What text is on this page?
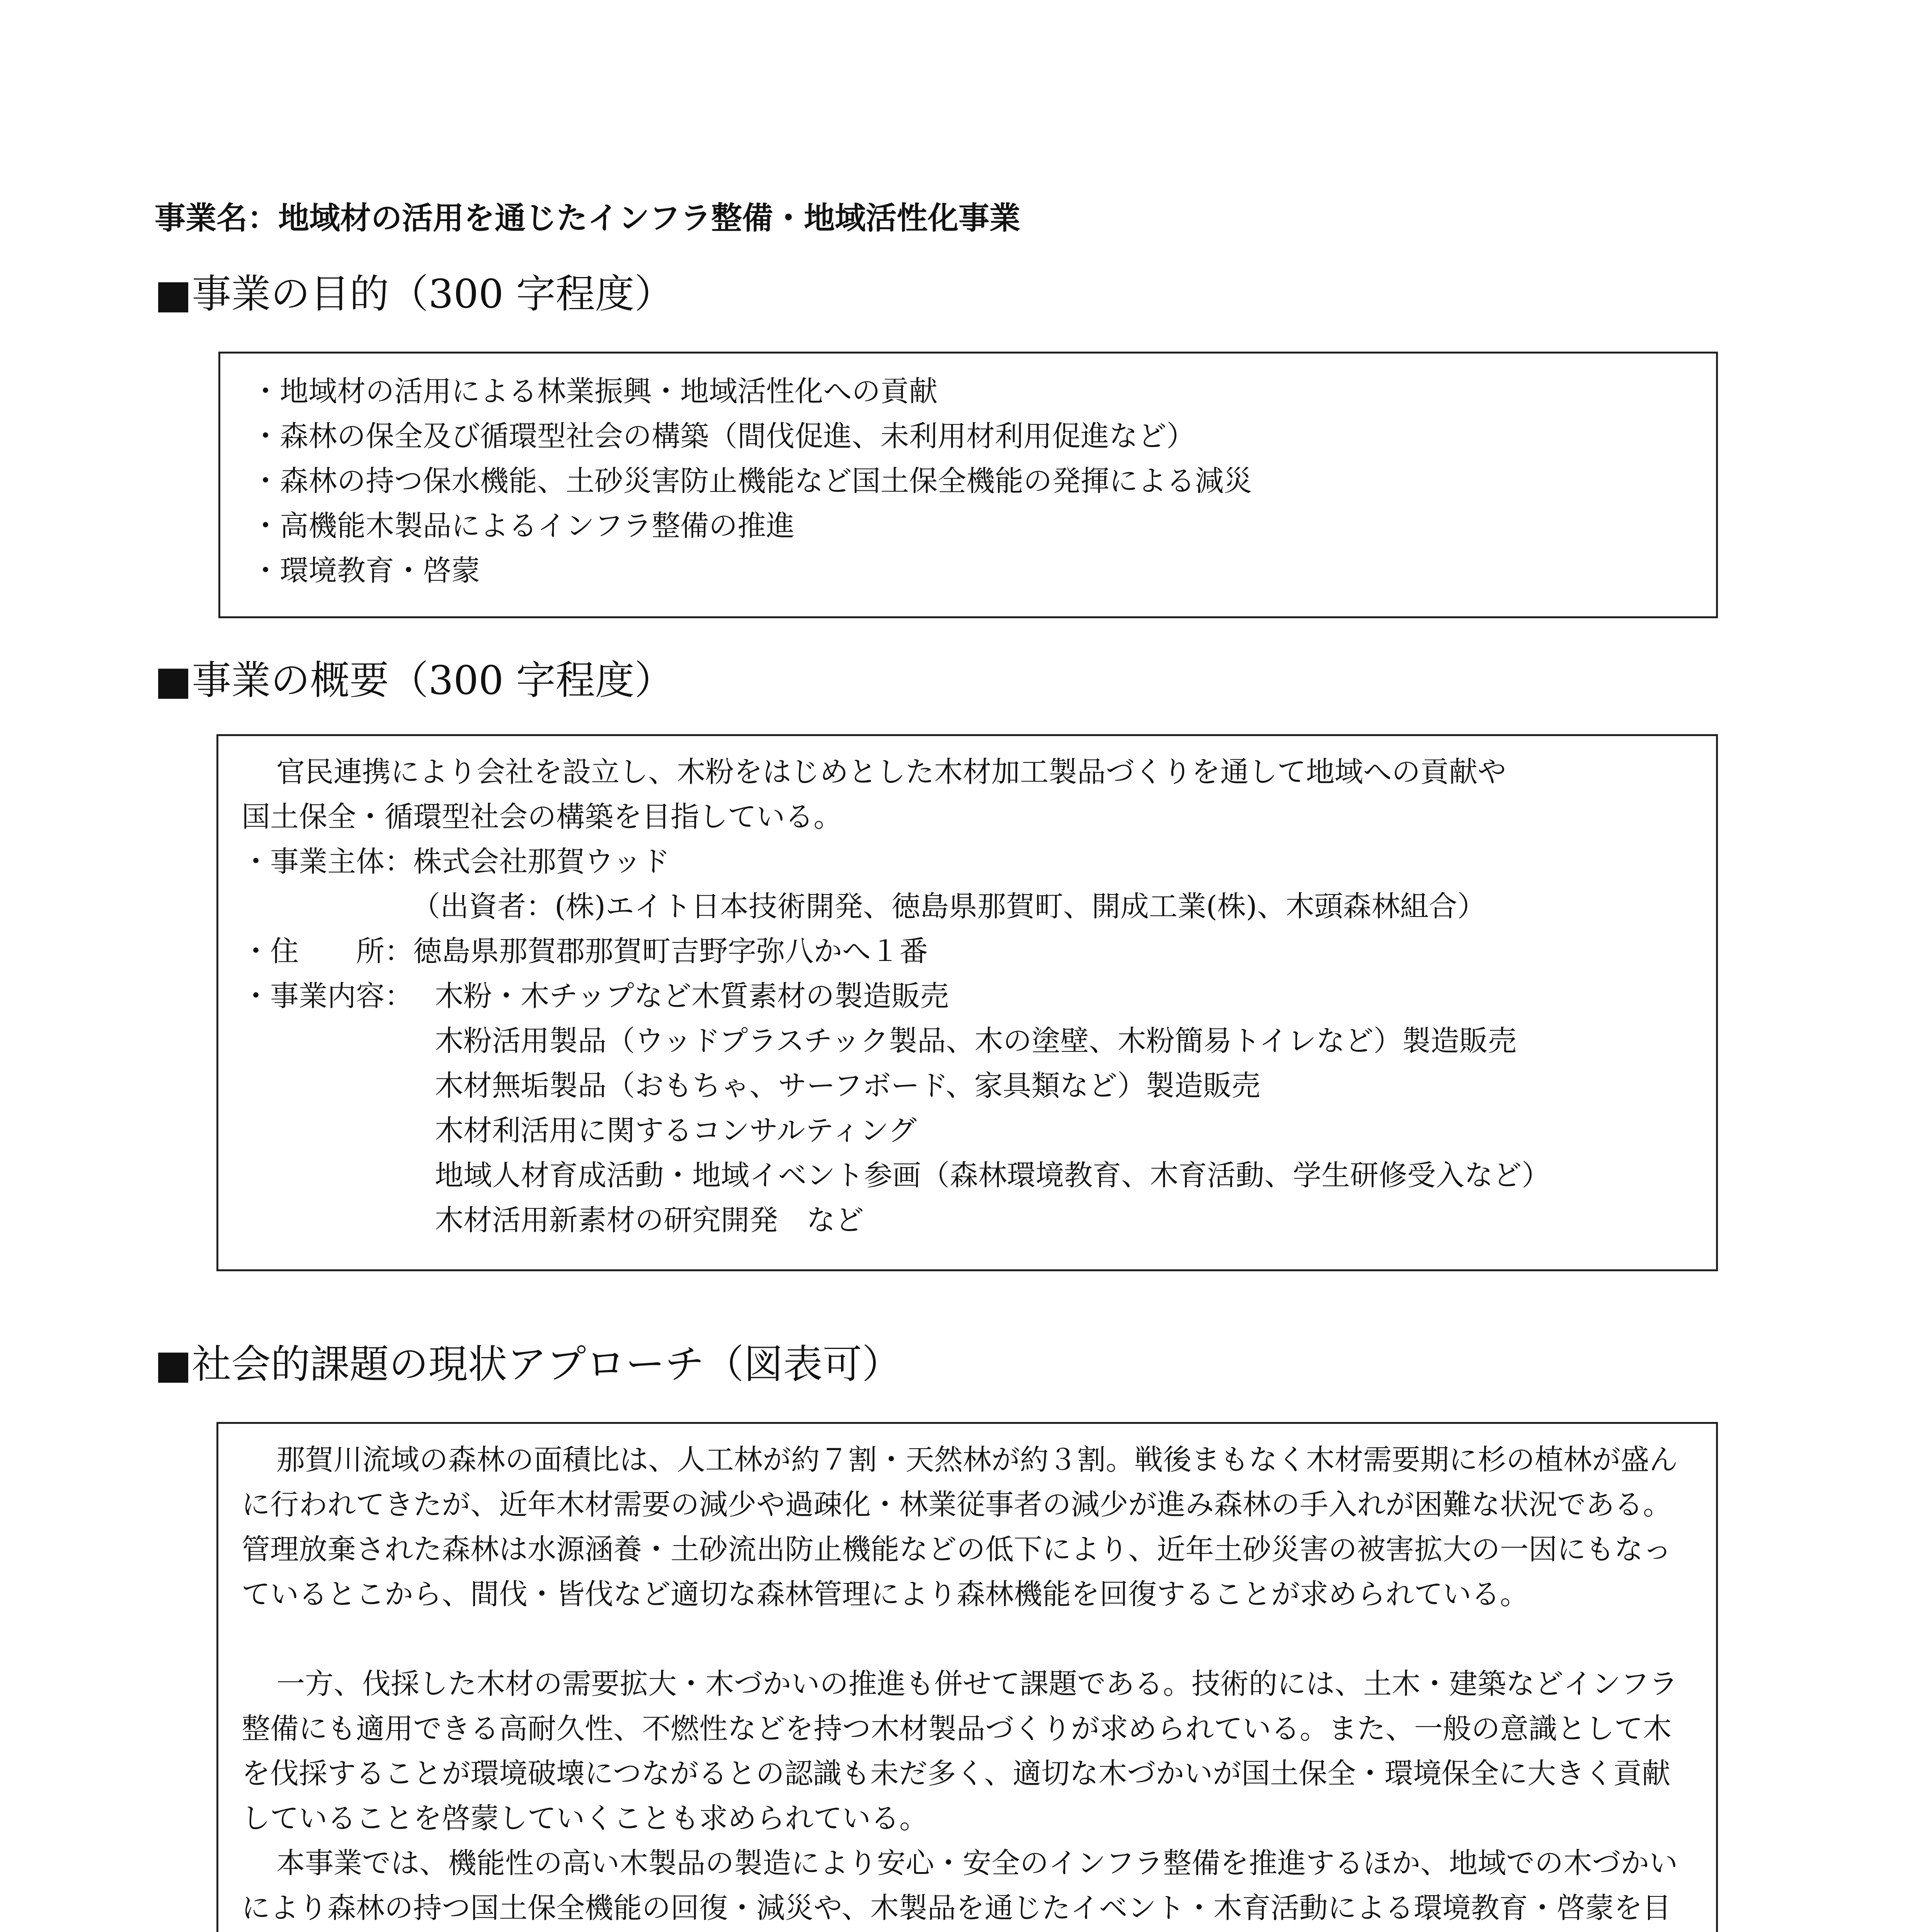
事業名：地域材の活用を通じたインフラ整備・地域活性化事業
■事業の目的（300 字程度）
・地域材の活用による林業振興・地域活性化への貢献
・森林の保全及び循環型社会の構築（間伐促進、未利用材利用促進など）
・森林の持つ保水機能、土砂災害防止機能など国土保全機能の発揮による減災
・高機能木製品によるインフラ整備の推進
・環境教育・啓蒙
■事業の概要（300 字程度）
官民連携により会社を設立し、木粉をはじめとした木材加工製品づくりを通して地域への貢献や
国土保全・循環型社会の構築を目指している。
・事業主体：株式会社那賀ウッド
（出資者：(株)エイト日本技術開発、徳島県那賀町、開成工業(株)、木頭森林組合）
・住　　所：徳島県那賀郡那賀町吉野字弥八かへ１番
・事業内容： 木粉・木チップなど木質素材の製造販売
木粉活用製品（ウッドプラスチック製品、木の塗壁、木粉簡易トイレなど）製造販売
木材無垢製品（おもちゃ、サーフボード、家具類など）製造販売
木材利活用に関するコンサルティング
地域人材育成活動・地域イベント参画（森林環境教育、木育活動、学生研修受入など）
木材活用新素材の研究開発　など
■社会的課題の現状アプローチ（図表可）
那賀川流域の森林の面積比は、人工林が約７割・天然林が約３割。戦後まもなく木材需要期に杉の植林が盛んに行われてきたが、近年木材需要の減少や過疎化・林業従事者の減少が進み森林の手入れが困難な状況である。管理放棄された森林は水源涵養・土砂流出防止機能などの低下により、近年土砂災害の被害拡大の一因にもなっているとこから、間伐・皆伐など適切な森林管理により森林機能を回復することが求められている。
一方、伐採した木材の需要拡大・木づかいの推進も併せて課題である。技術的には、土木・建築などインフラ整備にも適用できる高耐久性、不燃性などを持つ木材製品づくりが求められている。また、一般の意識として木を伐採することが環境破壊につながるとの認識も未だ多く、適切な木づかいが国土保全・環境保全に大きく貢献していることを啓蒙していくことも求められている。
本事業では、機能性の高い木製品の製造により安心・安全のインフラ整備を推進するほか、地域での木づかいにより森林の持つ国土保全機能の回復・減災や、木製品を通じたイベント・木育活動による環境教育・啓蒙を目
